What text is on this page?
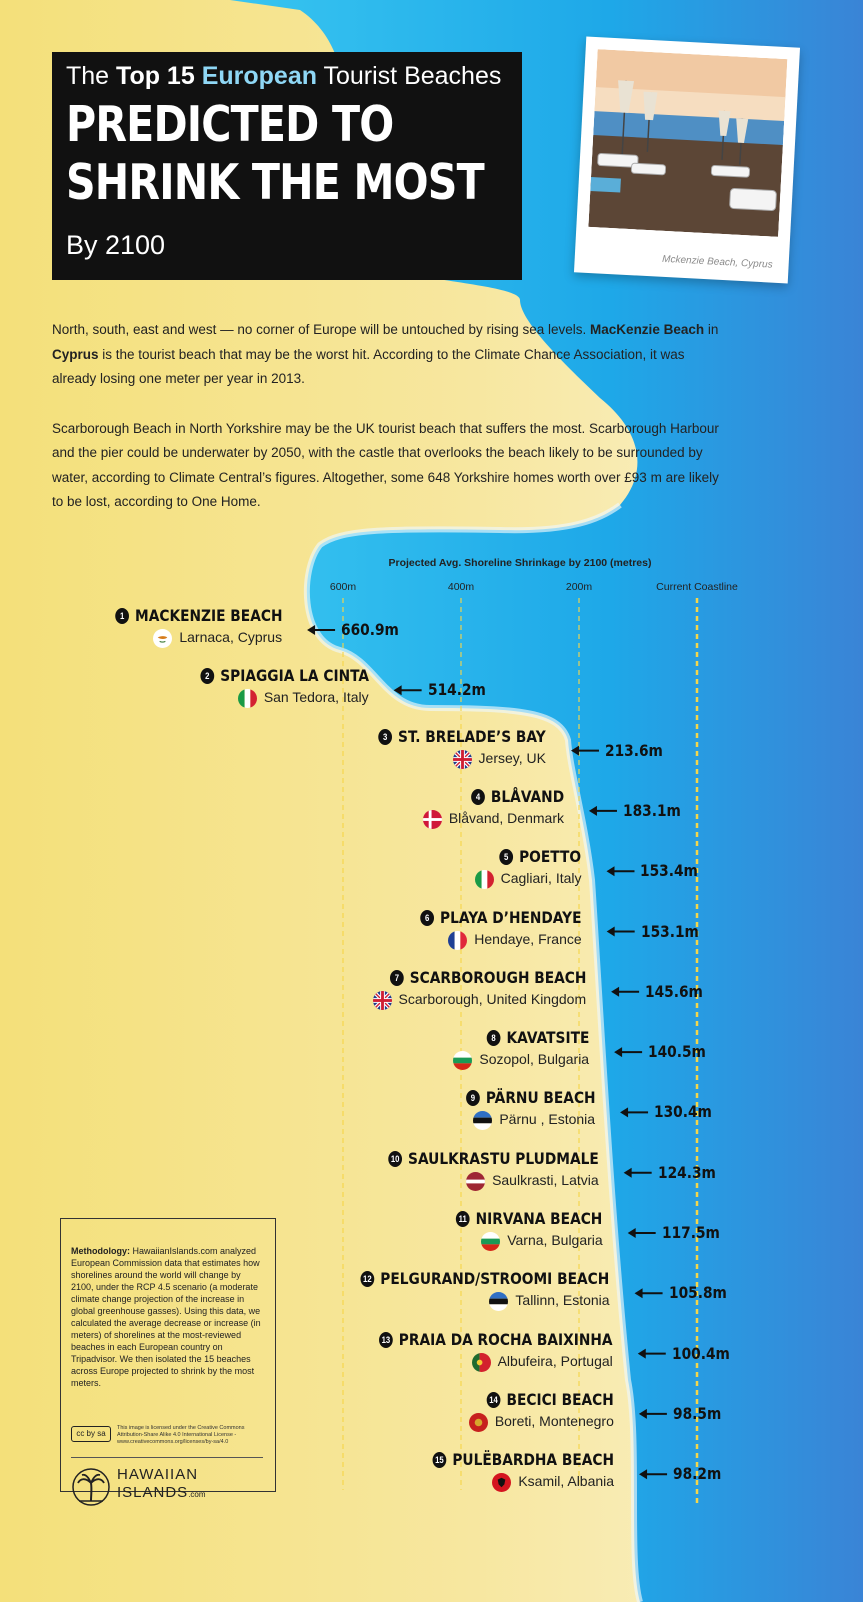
The Top 15 European Tourist Beaches
PREDICTED TO
SHRINK THE MOST
By 2100
Mckenzie Beach, Cyprus

North, south, east and west — no corner of Europe will be untouched by rising sea levels. MacKenzie Beach in Cyprus is the tourist beach that may be the worst hit. According to the Climate Chance Association, it was already losing one meter per year in 2013.

Scarborough Beach in North Yorkshire may be the UK tourist beach that suffers the most. Scarborough Harbour and the pier could be underwater by 2050, with the castle that overlooks the beach likely to be surrounded by water, according to Climate Central’s figures. Altogether, some 648 Yorkshire homes worth over £93 m are likely to be lost, according to One Home.

Projected Avg. Shoreline Shrinkage by 2100 (metres)
600m	400m	200m	Current Coastline
1 MACKENZIE BEACH
Larnaca, Cyprus	660.9m
2 SPIAGGIA LA CINTA
San Tedora, Italy	514.2m
3 ST. BRELADE’S BAY
Jersey, UK	213.6m
4 BLÅVAND
Blåvand, Denmark	183.1m
5 POETTO
Cagliari, Italy	153.4m
6 PLAYA D’HENDAYE
Hendaye, France	153.1m
7 SCARBOROUGH BEACH
Scarborough, United Kingdom	145.6m
8 KAVATSITE
Sozopol, Bulgaria	140.5m
9 PÄRNU BEACH
Pärnu , Estonia	130.4m
10 SAULKRASTU PLUDMALE
Saulkrasti, Latvia	124.3m
11 NIRVANA BEACH
Varna, Bulgaria	117.5m
12 PELGURAND/STROOMI BEACH
Tallinn, Estonia	105.8m
13 PRAIA DA ROCHA BAIXINHA
Albufeira, Portugal	100.4m
14 BECICI BEACH
Boreti, Montenegro	98.5m
15 PULËBARDHA BEACH
Ksamil, Albania	98.2m
Methodology: HawaiianIslands.com analyzed European Commission data that estimates how shorelines around the world will change by 2100, under the RCP 4.5 scenario (a moderate climate change projection of the increase in global greenhouse gasses). Using this data, we calculated the average decrease or increase (in meters) of shorelines at the most-reviewed beaches in each European country on Tripadvisor. We then isolated the 15 beaches across Europe projected to shrink by the most meters.
cc by sa
This image is licensed under the Creative Commons Attribution-Share Alike 4.0 International License - www.creativecommons.org/licenses/by-sa/4.0
HAWAIIAN
ISLANDS.com
